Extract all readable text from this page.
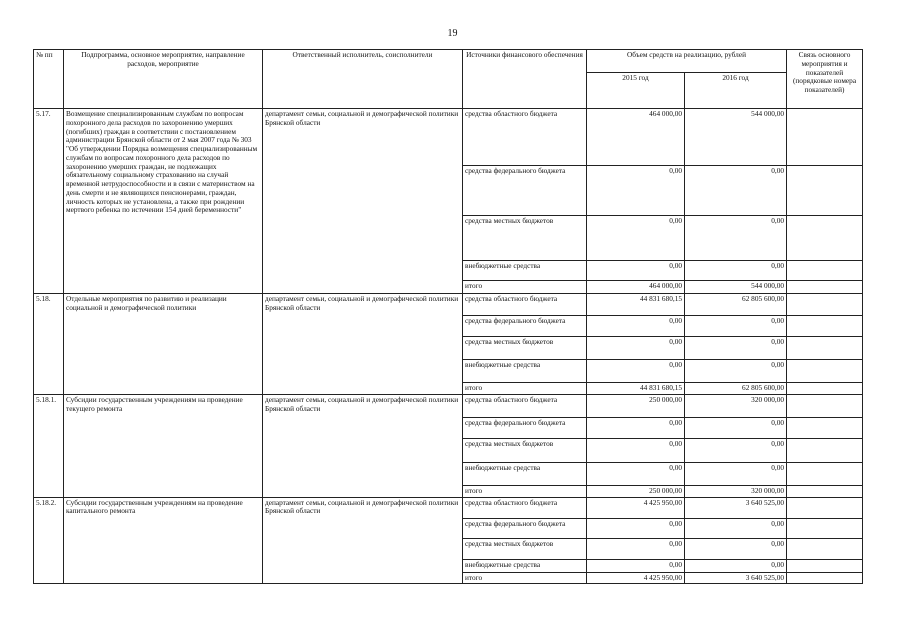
19
№ пп	Подпрограмма, основное мероприятие, направление расходов, мероприятие	Ответственный исполнитель, соисполнители	Источники финансового обеспечения	Объем средств на реализацию, рублей		Связь основного мероприятия и показателей (порядковые номера показателей)
				2015 год	2016 год	
5.17.	Возмещение специализированным службам по вопросам похоронного дела расходов по захоронению умерших (погибших) граждан в соответствии с постановлением администрации Брянской области от 2 мая 2007 года № 303 "Об утверждении Порядка возмещения специализированным службам по вопросам похоронного дела расходов по захоронению умерших граждан, не подлежащих обязательному социальному страхованию на случай временной нетрудоспособности и в связи с материнством на день смерти и не являющихся пенсионерами, граждан, личность которых не установлена, а также при рождении мертвого ребенка по истечении 154 дней беременности"	департамент семьи, социальной и демографической политики Брянской области	средства областного бюджета	464 000,00	544 000,00	
			средства федерального бюджета	0,00	0,00	
			средства местных бюджетов	0,00	0,00	
			внебюджетные средства	0,00	0,00	
			итого	464 000,00	544 000,00	
5.18.	Отдельные мероприятия по развитию и реализации социальной и демографической политики	департамент семьи, социальной и демографической политики Брянской области	средства областного бюджета	44 831 680,15	62 805 600,00	
			средства федерального бюджета	0,00	0,00	
			средства местных бюджетов	0,00	0,00	
			внебюджетные средства	0,00	0,00	
			итого	44 831 680,15	62 805 600,00	
5.18.1.	Субсидии государственным учреждениям на проведение текущего ремонта	департамент семьи, социальной и демографической политики Брянской области	средства областного бюджета	250 000,00	320 000,00	
			средства федерального бюджета	0,00	0,00	
			средства местных бюджетов	0,00	0,00	
			внебюджетные средства	0,00	0,00	
			итого	250 000,00	320 000,00	
5.18.2.	Субсидии государственным учреждениям на проведение капитального ремонта	департамент семьи, социальной и демографической политики Брянской области	средства областного бюджета	4 425 950,00	3 640 525,00	
			средства федерального бюджета	0,00	0,00	
			средства местных бюджетов	0,00	0,00	
			внебюджетные средства	0,00	0,00	
			итого	4 425 950,00	3 640 525,00	
